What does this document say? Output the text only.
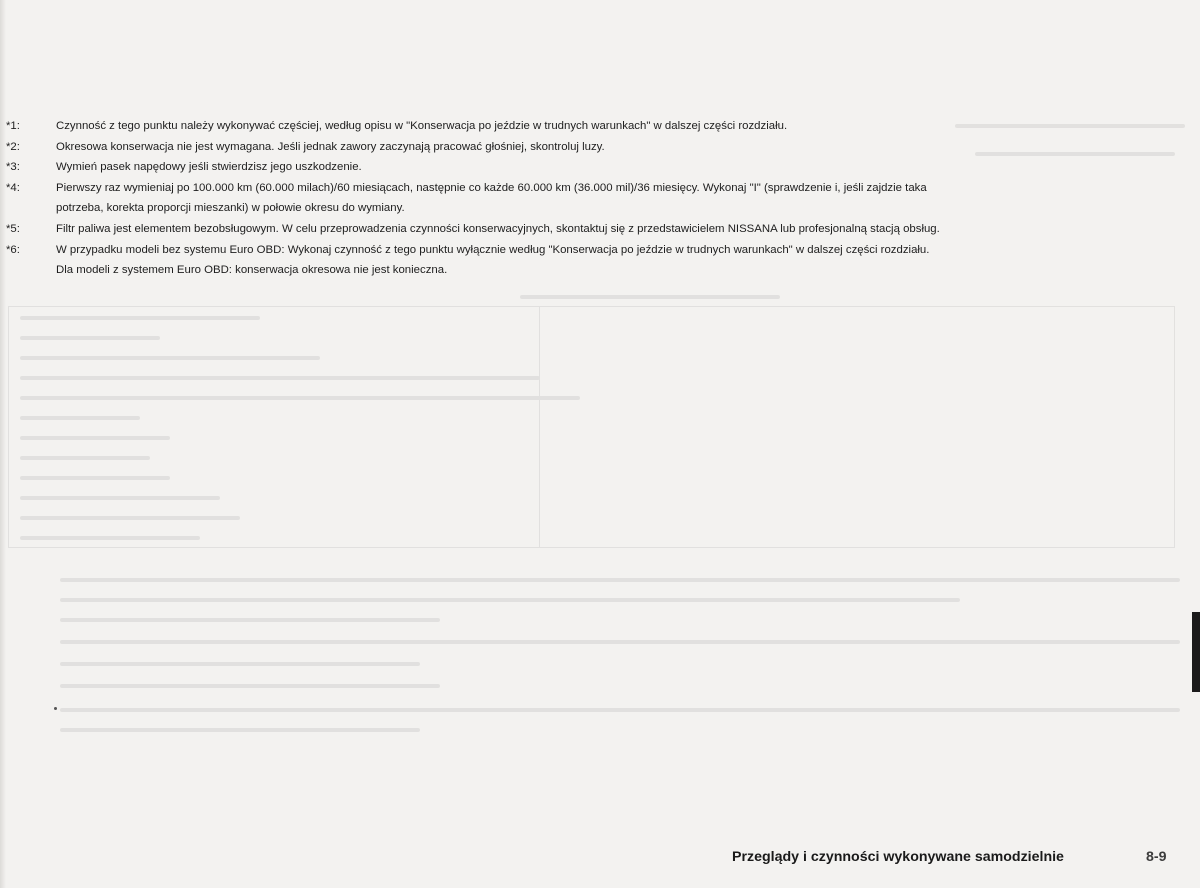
*1:	Czynność z tego punktu należy wykonywać częściej, według opisu w "Konserwacja po jeździe w trudnych warunkach" w dalszej części rozdziału.
*2:	Okresowa konserwacja nie jest wymagana. Jeśli jednak zawory zaczynają pracować głośniej, skontroluj luzy.
*3:	Wymień pasek napędowy jeśli stwierdzisz jego uszkodzenie.
*4:	Pierwszy raz wymieniaj po 100.000 km (60.000 milach)/60 miesiącach, następnie co każde 60.000 km (36.000 mil)/36 miesięcy. Wykonaj "I" (sprawdzenie i, jeśli zajdzie taka
potrzeba, korekta proporcji mieszanki) w połowie okresu do wymiany.
*5:	Filtr paliwa jest elementem bezobsługowym. W celu przeprowadzenia czynności konserwacyjnych, skontaktuj się z przedstawicielem NISSANA lub profesjonalną stacją obsług.
*6:	W przypadku modeli bez systemu Euro OBD: Wykonaj czynność z tego punktu wyłącznie według "Konserwacja po jeździe w trudnych warunkach" w dalszej części rozdziału.
Dla modeli z systemem Euro OBD: konserwacja okresowa nie jest konieczna.
Przeglądy i czynności wykonywane samodzielnie	8-9
